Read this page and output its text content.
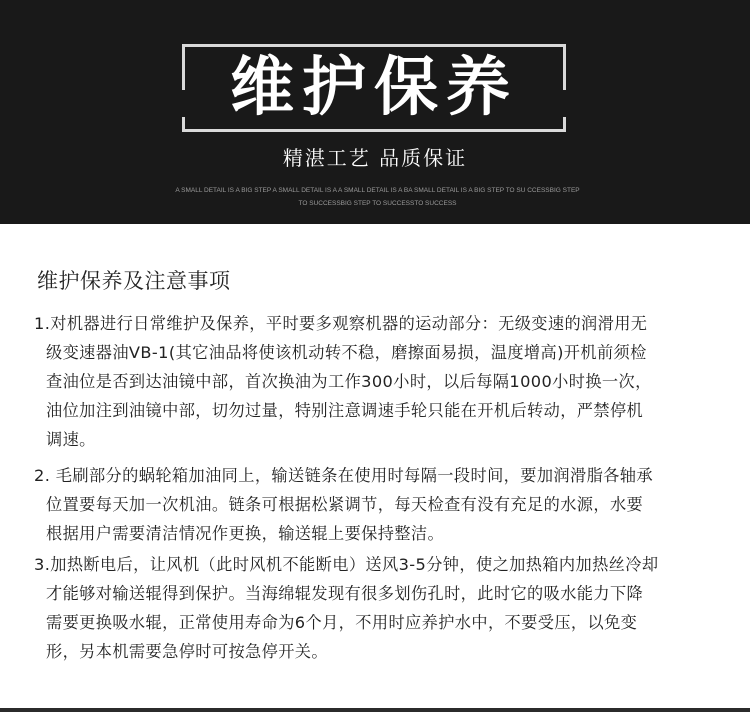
维护保养
精湛工艺 品质保证
A SMALL DETAIL IS A BIG STEP A SMALL DETAIL IS A A SMALL DETAIL IS A BA SMALL DETAIL IS A BIG STEP TO SU CCESSBIG STEP TO SUCCESSBIG STEP TO SUCCESSTO SUCCESS
维护保养及注意事项
1.对机器进行日常维护及保养，平时要多观察机器的运动部分：无级变速的润滑用无
级变速器油VB-1(其它油品将使该机动转不稳，磨擦面易损，温度增高)开机前须检
查油位是否到达油镜中部，首次换油为工作300小时，以后每隔1000小时换一次，
油位加注到油镜中部，切勿过量，特别注意调速手轮只能在开机后转动，严禁停机
调速。
2. 毛刷部分的蜗轮箱加油同上，输送链条在使用时每隔一段时间，要加润滑脂各轴承
位置要每天加一次机油。链条可根据松紧调节，每天检查有没有充足的水源，水要
根据用户需要清洁情况作更换，输送辊上要保持整洁。
3.加热断电后，让风机（此时风机不能断电）送风3-5分钟，使之加热箱内加热丝冷却
才能够对输送辊得到保护。当海绵辊发现有很多划伤孔时，此时它的吸水能力下降
需要更换吸水辊，正常使用寿命为6个月，不用时应养护水中，不要受压，以免变
形，另本机需要急停时可按急停开关。
